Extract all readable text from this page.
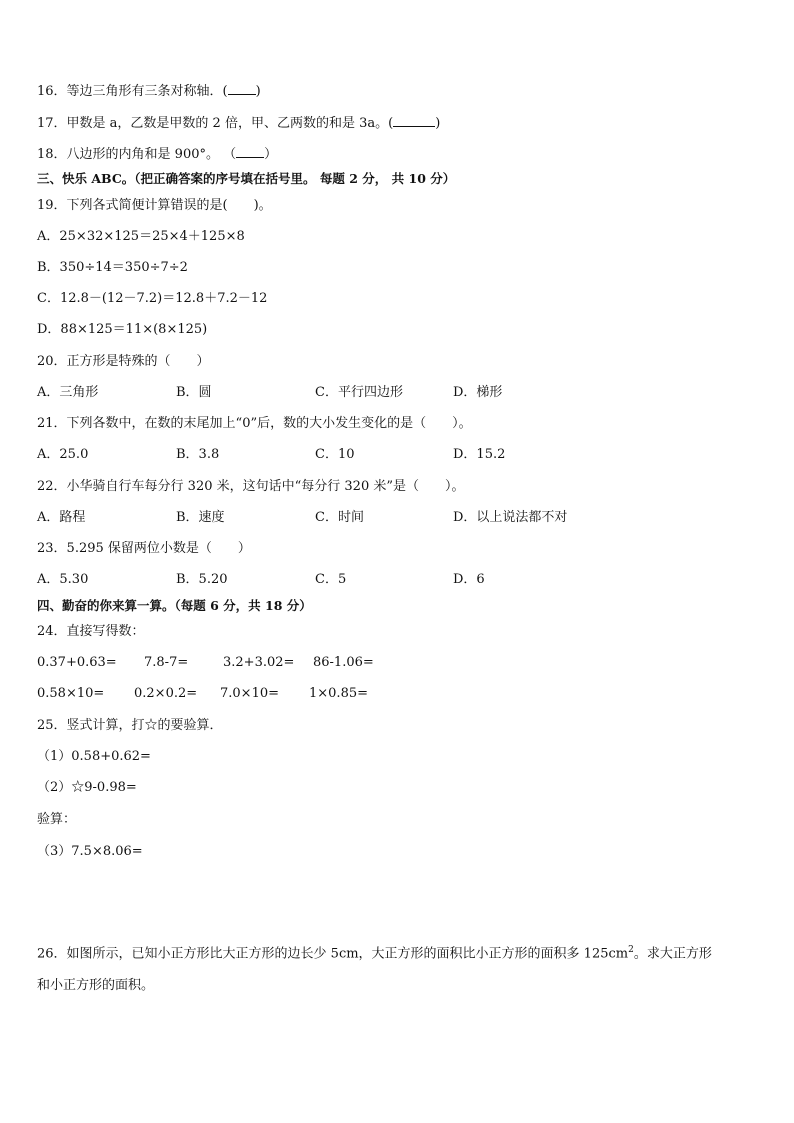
16．等边三角形有三条对称轴．( )
17．甲数是 a，乙数是甲数的 2 倍，甲、乙两数的和是 3a。(	)
18．八边形的内角和是 900°。 （ ）
三、快乐 ABC。（把正确答案的序号填在括号里。 每题 2 分， 共 10 分）
19．下列各式简便计算错误的是(　　)。
A．25×32×125＝25×4＋125×8
B．350÷14＝350÷7÷2
C．12.8－(12－7.2)＝12.8＋7.2－12
D．88×125＝11×(8×125)
20．正方形是特殊的（　　）
A．三角形	B．圆	C．平行四边形	D．梯形
21．下列各数中，在数的末尾加上“0”后，数的大小发生变化的是（　　）。
A．25.0	B．3.8	C．10	D．15.2
22．小华骑自行车每分行 320 米，这句话中“每分行 320 米”是（　　）。
A．路程	B．速度	C．时间	D．以上说法都不对
23．5.295 保留两位小数是（　　）
A．5.30	B．5.20	C．5	D．6
四、勤奋的你来算一算。（每题 6 分，共 18 分）
24．直接写得数：
0.37+0.63= 7.8-7=	3.2+3.02= 86-1.06=
0.58×10= 0.2×0.2= 7.0×10= 1×0.85=
25．竖式计算，打☆的要验算．
（1）0.58+0.62=
（2）☆9-0.98=
验算：
（3）7.5×8.06=
26．如图所示，已知小正方形比大正方形的边长少 5cm，大正方形的面积比小正方形的面积多 $125cm^2$。求大正方形
和小正方形的面积。
